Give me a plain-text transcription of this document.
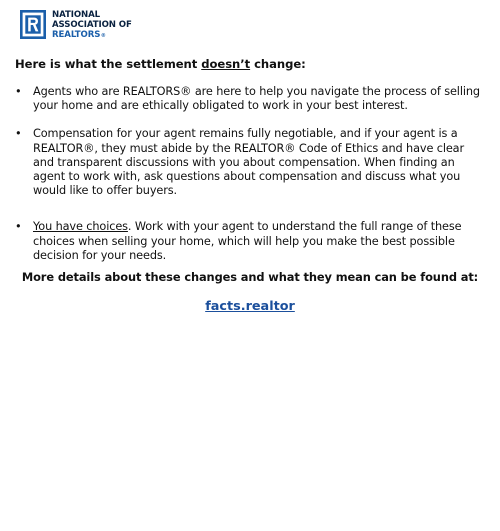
NATIONAL
ASSOCIATION OF
REALTORS®
Here is what the settlement doesn’t change:
• Agents who are REALTORS® are here to help you navigate the process of selling your home and are ethically obligated to work in your best interest.
• Compensation for your agent remains fully negotiable, and if your agent is a REALTOR®, they must abide by the REALTOR® Code of Ethics and have clear and transparent discussions with you about compensation. When finding an agent to work with, ask questions about compensation and discuss what you would like to offer buyers.
• You have choices. Work with your agent to understand the full range of these choices when selling your home, which will help you make the best possible decision for your needs.
More details about these changes and what they mean can be found at:
facts.realtor
